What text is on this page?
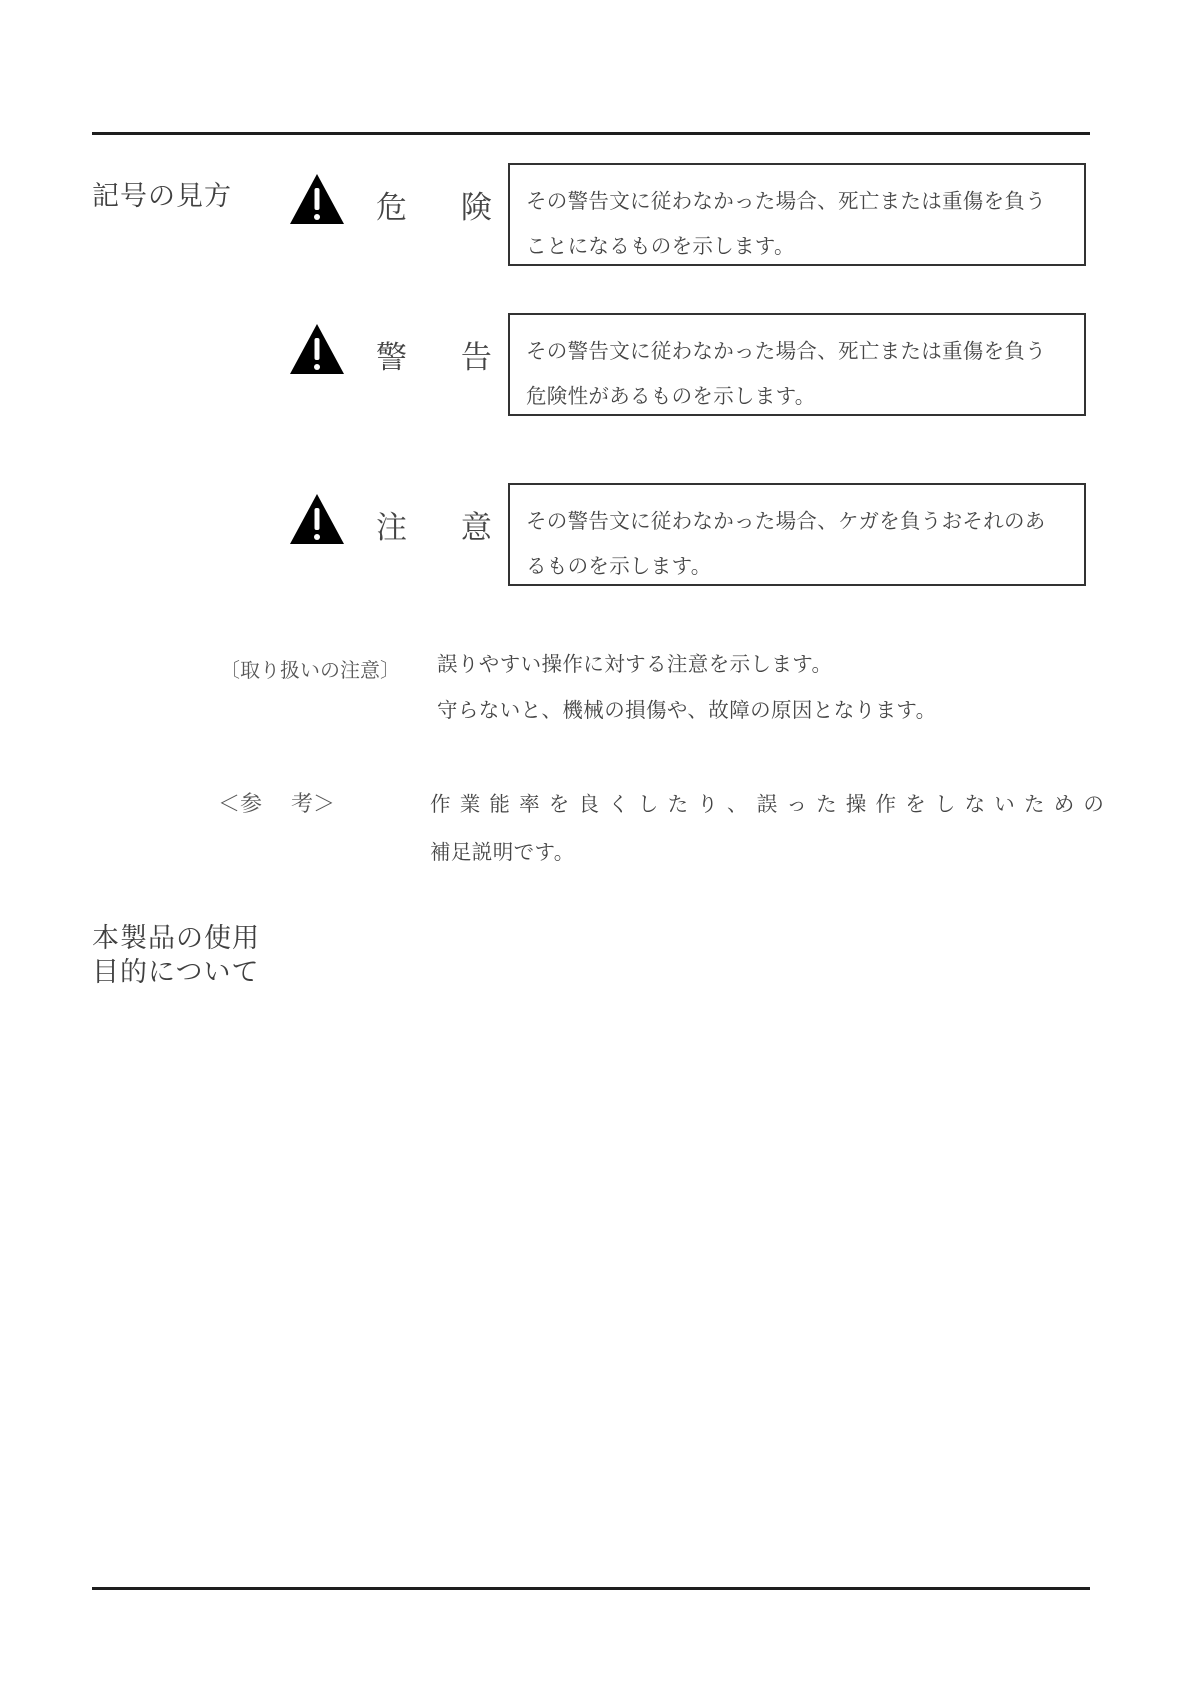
記号の見方	危 険 その警告文に従わなかった場合、死亡または重傷を負う
ことになるものを示します。
警 告 その警告文に従わなかった場合、死亡または重傷を負う
危険性があるものを示します。
注 意 その警告文に従わなかった場合、ケガを負うおそれのあ
るものを示します。
〔取り扱いの注意〕 誤りやすい操作に対する注意を示します。
守らないと、機械の損傷や、故障の原因となります。
＜参　 考＞	作業能率を良くしたり、誤った操作をしないための
補足説明です。
本製品の使用
目的について
